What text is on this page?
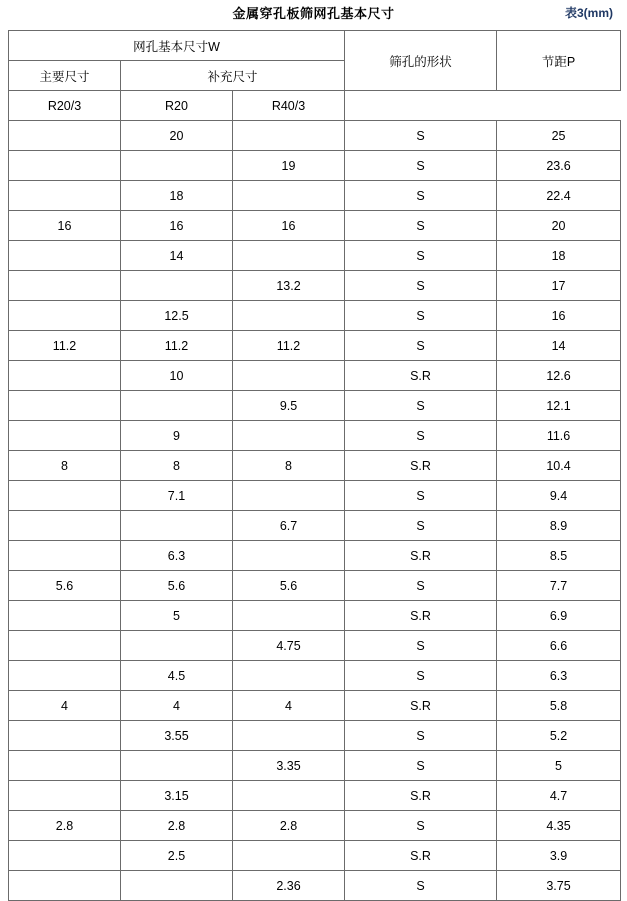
金属穿孔板筛网孔基本尺寸	表3(mm)
网孔基本尺寸W			筛孔的形状	节距P
主要尺寸	补充尺寸			
R20/3	R20	R40/3		
	20		S	25
		19	S	23.6
	18		S	22.4
16	16	16	S	20
	14		S	18
		13.2	S	17
	12.5		S	16
11.2	11.2	11.2	S	14
	10		S.R	12.6
		9.5	S	12.1
	9		S	11.6
8	8	8	S.R	10.4
	7.1		S	9.4
		6.7	S	8.9
	6.3		S.R	8.5
5.6	5.6	5.6	S	7.7
	5		S.R	6.9
		4.75	S	6.6
	4.5		S	6.3
4	4	4	S.R	5.8
	3.55		S	5.2
		3.35	S	5
	3.15		S.R	4.7
2.8	2.8	2.8	S	4.35
	2.5		S.R	3.9
		2.36	S	3.75
